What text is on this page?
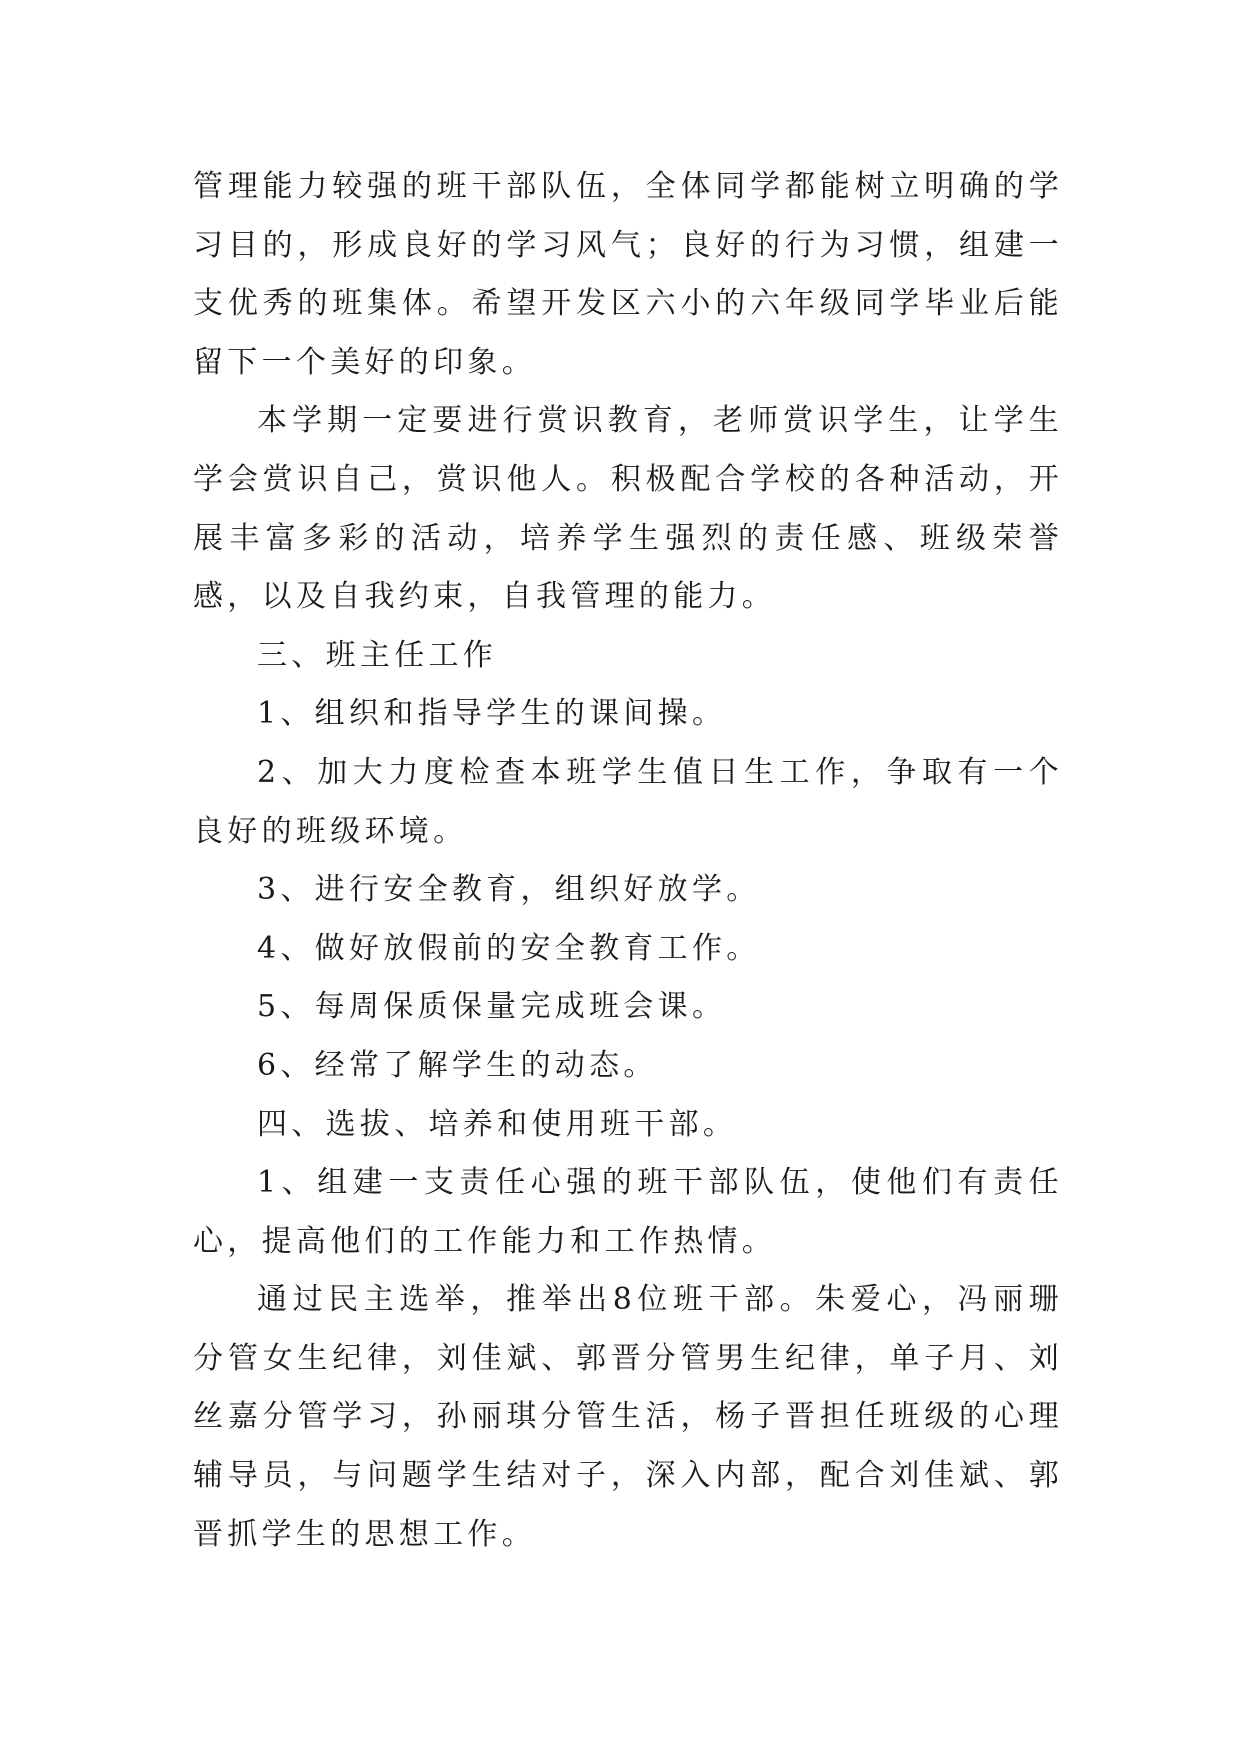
管理能力较强的班干部队伍，全体同学都能树立明确的学习目的，形成良好的学习风气；良好的行为习惯，组建一支优秀的班集体。希望开发区六小的六年级同学毕业后能留下一个美好的印象。

本学期一定要进行赏识教育，老师赏识学生，让学生学会赏识自己，赏识他人。积极配合学校的各种活动，开展丰富多彩的活动，培养学生强烈的责任感、班级荣誉感，以及自我约束，自我管理的能力。

三、班主任工作

1、组织和指导学生的课间操。

2、加大力度检查本班学生值日生工作，争取有一个良好的班级环境。

3、进行安全教育，组织好放学。

4、做好放假前的安全教育工作。

5、每周保质保量完成班会课。

6、经常了解学生的动态。

四、选拔、培养和使用班干部。

1、组建一支责任心强的班干部队伍，使他们有责任心，提高他们的工作能力和工作热情。

通过民主选举，推举出8位班干部。朱爱心，冯丽珊分管女生纪律，刘佳斌、郭晋分管男生纪律，单子月、刘丝嘉分管学习，孙丽琪分管生活，杨子晋担任班级的心理辅导员，与问题学生结对子，深入内部，配合刘佳斌、郭晋抓学生的思想工作。
